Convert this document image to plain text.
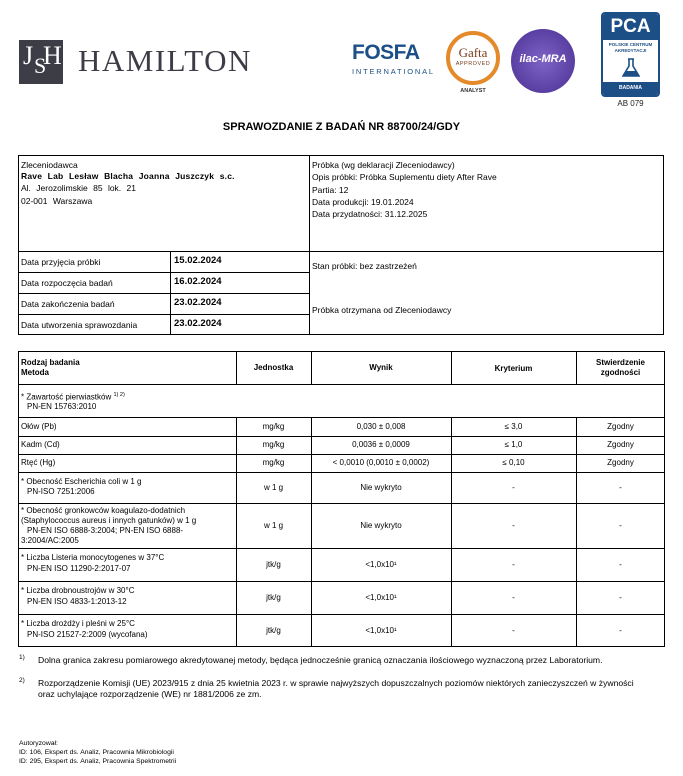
J S
H HAMILTON	FOSFA
INTERNATIONAL
Gafta
APPROVED
ANALYST
ilac-MRA
PCA
POLSKIE CENTRUM AKREDYTACJI
BADANIA
AB 079
SPRAWOZDANIE Z BADAŃ NR 88700/24/GDY
Zleceniodawca
Rave Lab Lesław Blacha Joanna Juszczyk s.c.
Al. Jerozolimskie 85 lok. 21
02-001 Warszawa
Próbka (wg deklaracji Zleceniodawcy)
Opis próbki: Próbka Suplementu diety After Rave
Partia: 12
Data produkcji: 19.01.2024
Data przydatności: 31.12.2025
Data przyjęcia próbki	15.02.2024
Data rozpoczęcia badań	16.02.2024
Data zakończenia badań	23.02.2024
Data utworzenia sprawozdania	23.02.2024
Stan próbki: bez zastrzeżeń
Próbka otrzymana od Zleceniodawcy
Rodzaj badania
Metoda
Jednostka	Wynik	Kryterium
Stwierdzenie
zgodności
* Zawartość pierwiastków $^{1) 2)}$
PN-EN 15763:2010
Ołów (Pb)	mg/kg	0,030 ± 0,008	≤ 3,0	Zgodny
Kadm (Cd)	mg/kg	0,0036 ± 0,0009	≤ 1,0	Zgodny
Rtęć (Hg)	mg/kg	< 0,0010 (0,0010 ± 0,0002)	≤ 0,10	Zgodny
* Obecność Escherichia coli w 1 g
PN-ISO 7251:2006	w 1 g	Nie wykryto	-	-
* Obecność gronkowców koagulazo-dodatnich
(Staphylococcus aureus i innych gatunków) w 1 g
PN-EN ISO 6888-3:2004; PN-EN ISO 6888-
3:2004/AC:2005
w 1 g	Nie wykryto	-	-
* Liczba Listeria monocytogenes w 37°C
PN-EN ISO 11290-2:2017-07	jtk/g	<1,0x10¹	-	-
* Liczba drobnoustrojów w 30°C
PN-EN ISO 4833-1:2013-12	jtk/g	<1,0x10¹	-	-
* Liczba drożdży i pleśni w 25°C
PN-ISO 21527-2:2009 (wycofana)	jtk/g	<1,0x10¹	-	-
1) Dolna granica zakresu pomiarowego akredytowanej metody, będąca jednocześnie granicą oznaczania ilościowego wyznaczoną przez Laboratorium.
2) Rozporządzenie Komisji (UE) 2023/915 z dnia 25 kwietnia 2023 r. w sprawie najwyższych dopuszczalnych poziomów niektórych zanieczyszczeń w żywności oraz uchylające rozporządzenie (WE) nr 1881/2006 ze zm.
Autoryzował:
ID: 106, Ekspert ds. Analiz, Pracownia Mikrobiologii
ID: 295, Ekspert ds. Analiz, Pracownia Spektrometrii
